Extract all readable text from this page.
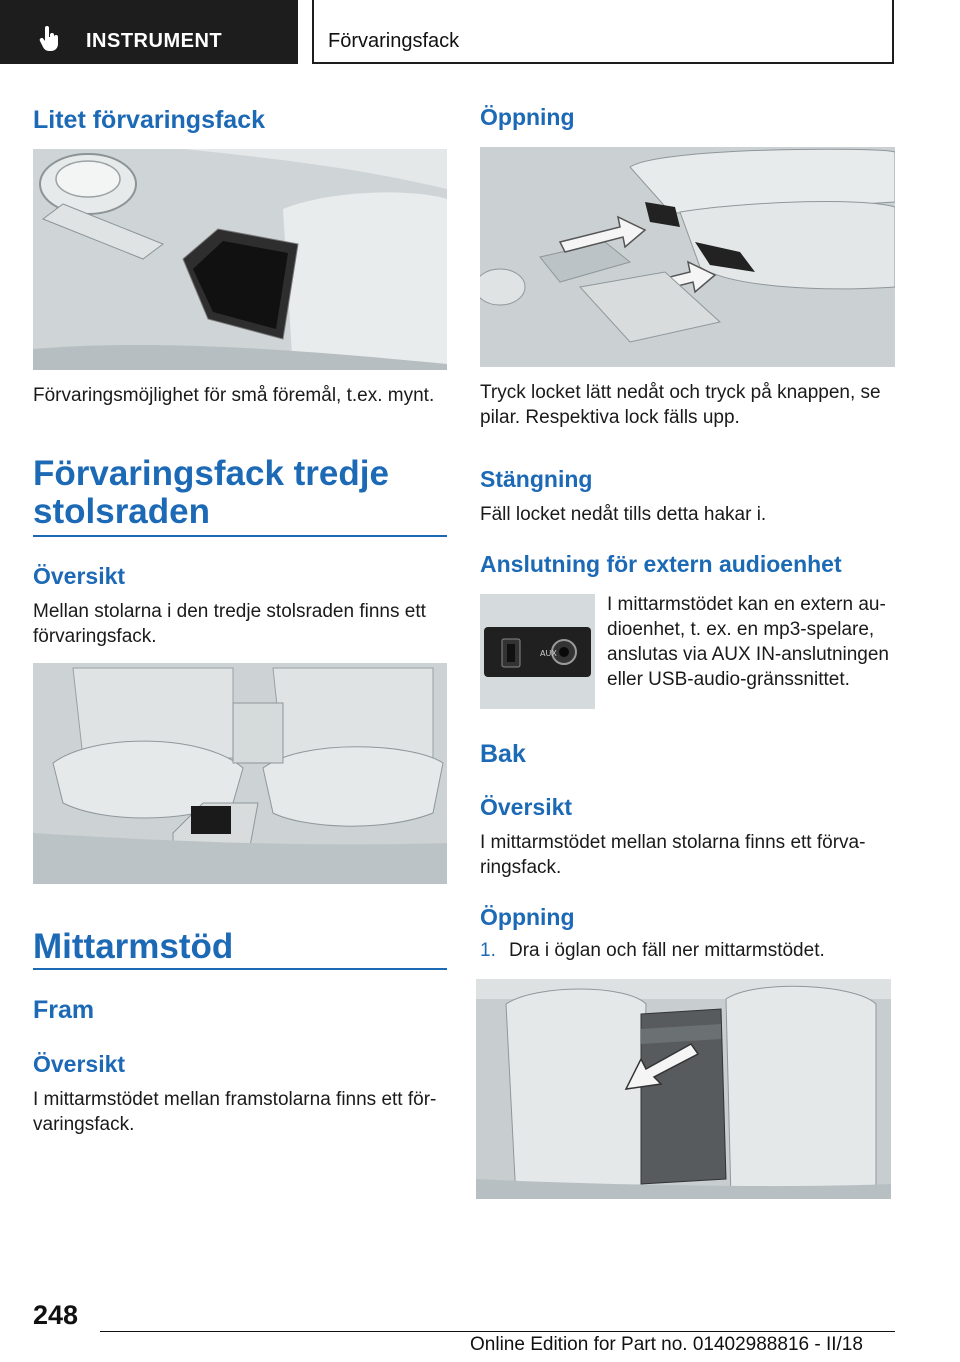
INSTRUMENT	Förvaringsfack
Litet förvaringsfack
Förvaringsmöjlighet för små föremål, t.ex. mynt.
Förvaringsfack tredje
stolsraden
Översikt
Mellan stolarna i den tredje stolsraden finns ett
förvaringsfack.
Mittarmstöd
Fram
Översikt
I mittarmstödet mellan framstolarna finns ett för-
varingsfack.
Öppning
Tryck locket lätt nedåt och tryck på knappen, se
pilar. Respektiva lock fälls upp.
Stängning
Fäll locket nedåt tills detta hakar i.
Anslutning för extern audioenhet
AUX
I mittarmstödet kan en extern au-
dioenhet, t. ex. en mp3-spelare,
anslutas via AUX IN-anslutningen
eller USB-audio-gränssnittet.
Bak
Översikt
I mittarmstödet mellan stolarna finns ett förva-
ringsfack.
Öppning
1. Dra i öglan och fäll ner mittarmstödet.
248
Online Edition for Part no. 01402988816 - II/18
